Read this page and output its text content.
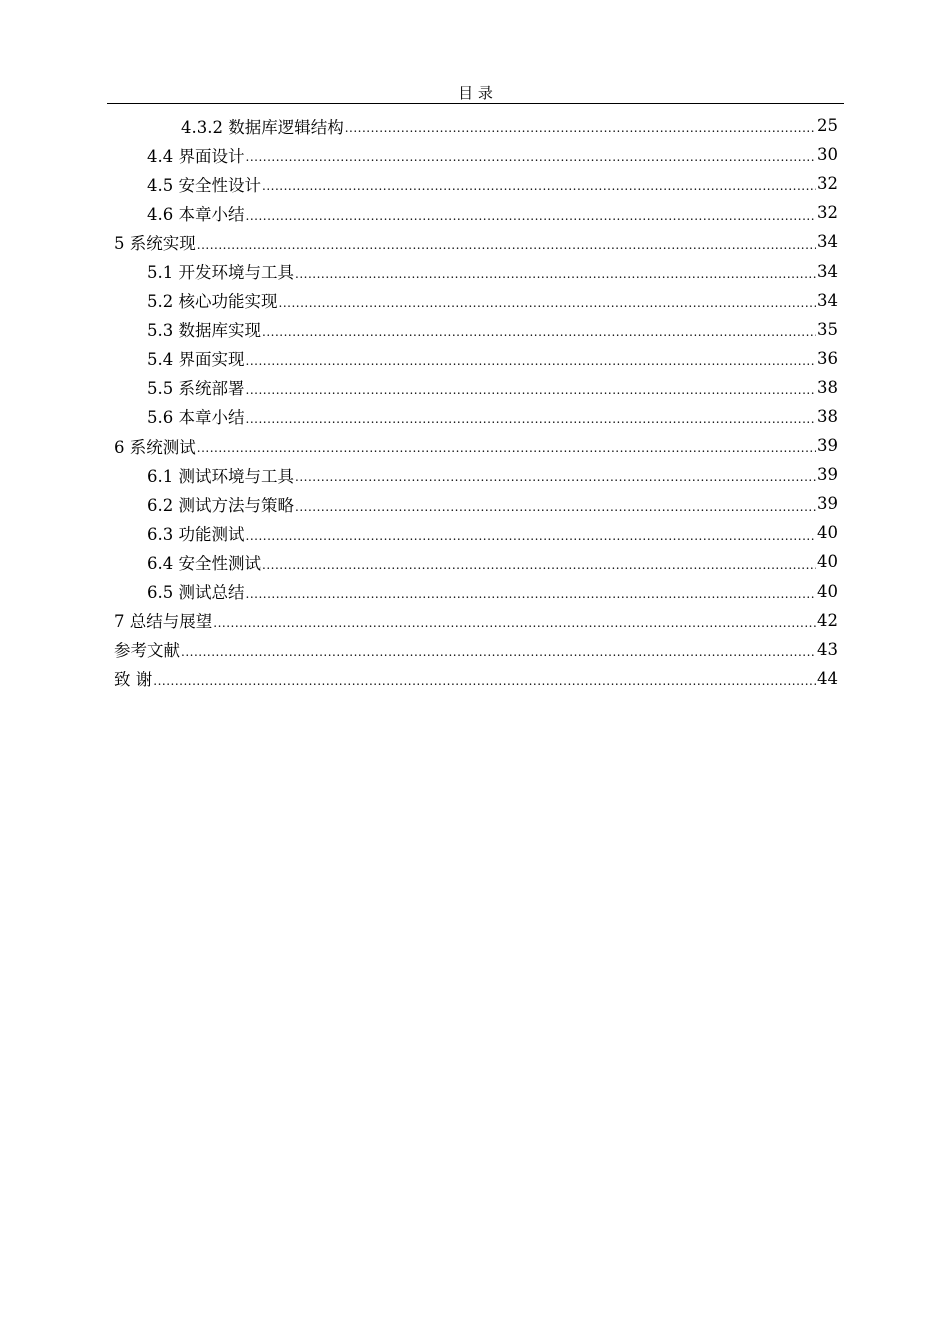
目 录
4.3.2 数据库逻辑结构 .....	25
4.4 界面设计 .....	30
4.5 安全性设计 .....	32
4.6 本章小结 .....	32
5 系统实现 .....	34
5.1 开发环境与工具 .....	34
5.2 核心功能实现 .....	34
5.3 数据库实现 .....	35
5.4 界面实现 .....	36
5.5 系统部署 .....	38
5.6 本章小结 .....	38
6 系统测试 .....	39
6.1 测试环境与工具 .....	39
6.2 测试方法与策略 .....	39
6.3 功能测试 .....	40
6.4 安全性测试 .....	40
6.5 测试总结 .....	40
7 总结与展望 .....	42
参考文献 .....	43
致 谢 .....	44
